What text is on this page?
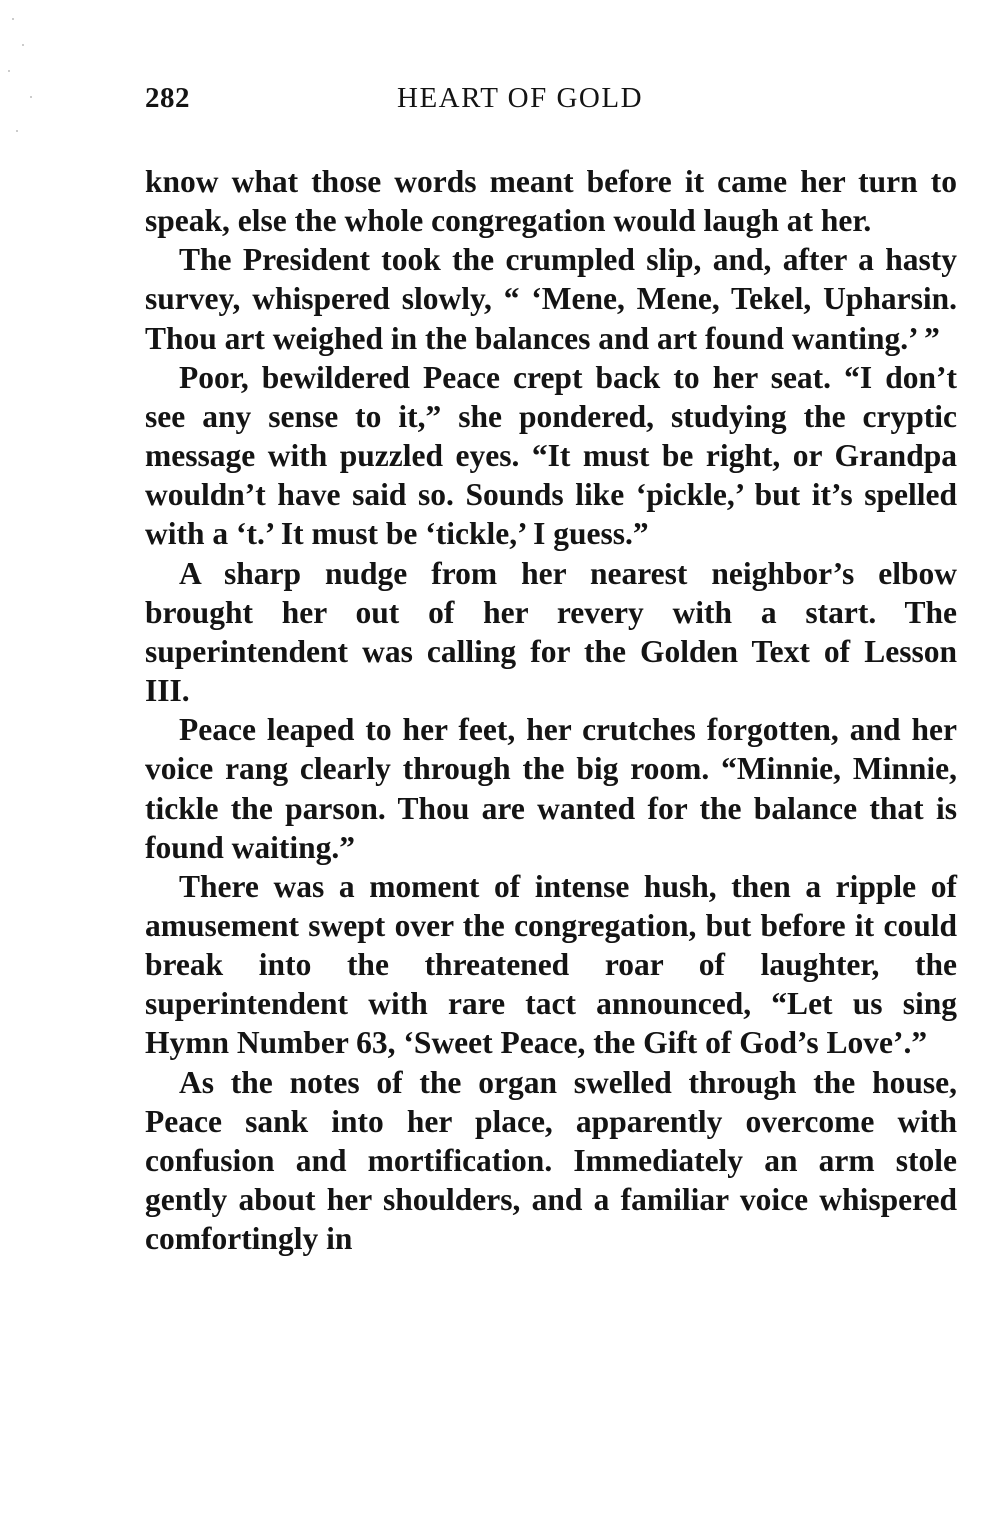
282	HEART OF GOLD

know what those words meant before it came her turn to speak, else the whole congregation would laugh at her.

The President took the crumpled slip, and, after a hasty survey, whispered slowly, “ ‘Mene, Mene, Tekel, Upharsin. Thou art weighed in the balances and art found wanting.’ ”

Poor, bewildered Peace crept back to her seat. “I don’t see any sense to it,” she pondered, studying the cryptic message with puzzled eyes. “It must be right, or Grandpa wouldn’t have said so. Sounds like ‘pickle,’ but it’s spelled with a ‘t.’ It must be ‘tickle,’ I guess.”

A sharp nudge from her nearest neighbor’s elbow brought her out of her revery with a start. The superintendent was calling for the Golden Text of Lesson III.

Peace leaped to her feet, her crutches forgotten, and her voice rang clearly through the big room. “Minnie, Minnie, tickle the parson. Thou are wanted for the balance that is found waiting.”

There was a moment of intense hush, then a ripple of amusement swept over the congregation, but before it could break into the threatened roar of laughter, the superintendent with rare tact announced, “Let us sing Hymn Number 63, ‘Sweet Peace, the Gift of God’s Love’.”

As the notes of the organ swelled through the house, Peace sank into her place, apparently overcome with confusion and mortification. Immediately an arm stole gently about her shoulders, and a familiar voice whispered comfortingly in
